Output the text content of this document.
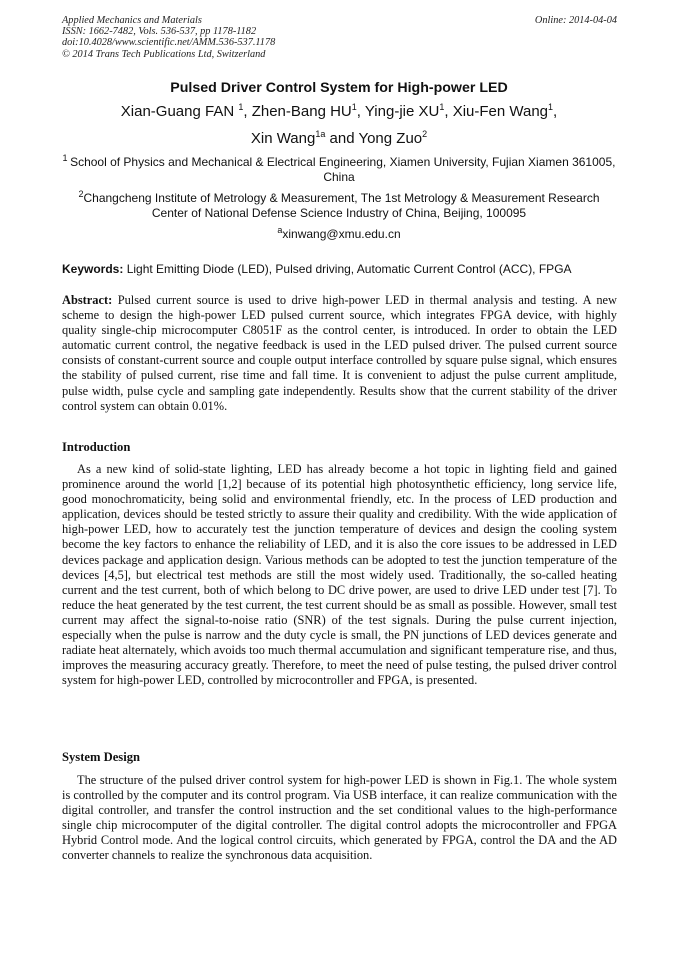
Applied Mechanics and Materials
ISSN: 1662-7482, Vols. 536-537, pp 1178-1182
doi:10.4028/www.scientific.net/AMM.536-537.1178
© 2014 Trans Tech Publications Ltd, Switzerland
Online: 2014-04-04
Pulsed Driver Control System for High-power LED
Xian-Guang FAN $^1$, Zhen-Bang $HU^1$, Ying-jie $XU^1$, Xiu-Fen Wang$^1$,
Xin Wang$^{1a}$ and Yong Zuo$^2$
$^1$ School of Physics and Mechanical & Electrical Engineering, Xiamen University, Fujian Xiamen 361005, China
$^2$Changcheng Institute of Metrology & Measurement, The 1st Metrology & Measurement Research Center of National Defense Science Industry of China, Beijing, 100095
$^a$xinwang@xmu.edu.cn
Keywords: Light Emitting Diode (LED), Pulsed driving, Automatic Current Control (ACC), FPGA

Abstract: Pulsed current source is used to drive high-power LED in thermal analysis and testing. A new scheme to design the high-power LED pulsed current source, which integrates FPGA device, with highly quality single-chip microcomputer C8051F as the control center, is introduced. In order to obtain the LED automatic current control, the negative feedback is used in the LED pulsed driver. The pulsed current source consists of constant-current source and couple output interface controlled by square pulse signal, which ensures the stability of pulsed current, rise time and fall time. It is convenient to adjust the pulse current amplitude, pulse width, pulse cycle and sampling gate independently. Results show that the current stability of the driver control system can obtain 0.01%.

Introduction

As a new kind of solid-state lighting, LED has already become a hot topic in lighting field and gained prominence around the world [1,2] because of its potential high photosynthetic efficiency, long service life, good monochromaticity, being solid and environmental friendly, etc. In the process of LED production and application, devices should be tested strictly to assure their quality and credibility. With the wide application of high-power LED, how to accurately test the junction temperature of devices and design the cooling system become the key factors to enhance the reliability of LED, and it is also the core issues to be addressed in LED devices package and application design. Various methods can be adopted to test the junction temperature of the devices [4,5], but electrical test methods are still the most widely used. Traditionally, the so-called heating current and the test current, both of which belong to DC drive power, are used to drive LED under test [7]. To reduce the heat generated by the test current, the test current should be as small as possible. However, small test current may affect the signal-to-noise ratio (SNR) of the test signals. During the pulse current injection, especially when the pulse is narrow and the duty cycle is small, the PN junctions of LED devices generate and radiate heat alternately, which avoids too much thermal accumulation and significant temperature rise, and thus, improves the measuring accuracy greatly. Therefore, to meet the need of pulse testing, the pulsed driver control system for high-power LED, controlled by microcontroller and FPGA, is presented.

System Design

The structure of the pulsed driver control system for high-power LED is shown in Fig.1. The whole system is controlled by the computer and its control program. Via USB interface, it can realize communication with the digital controller, and transfer the control instruction and the set conditional values to the high-performance single chip microcomputer of the digital controller. The digital control adopts the microcontroller and FPGA Hybrid Control mode. And the logical control circuits, which generated by FPGA, control the DA and the AD converter channels to realize the synchronous data acquisition.
